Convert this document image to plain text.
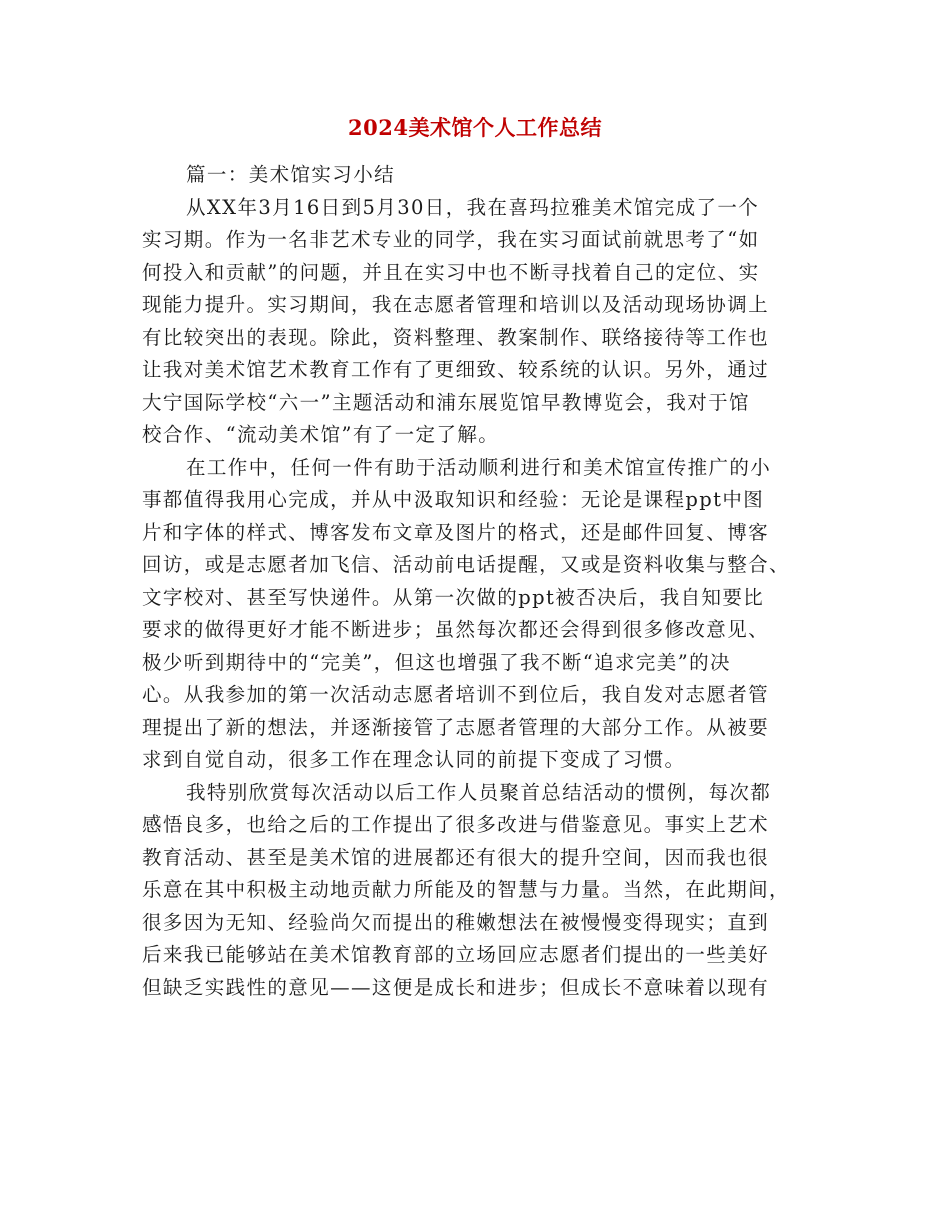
2024美术馆个人工作总结

篇一：美术馆实习小结

从XX年3月16日到5月30日，我在喜玛拉雅美术馆完成了一个
实习期。作为一名非艺术专业的同学，我在实习面试前就思考了“如
何投入和贡献”的问题，并且在实习中也不断寻找着自己的定位、实
现能力提升。实习期间，我在志愿者管理和培训以及活动现场协调上
有比较突出的表现。除此，资料整理、教案制作、联络接待等工作也
让我对美术馆艺术教育工作有了更细致、较系统的认识。另外，通过
大宁国际学校“六一”主题活动和浦东展览馆早教博览会，我对于馆
校合作、“流动美术馆”有了一定了解。

在工作中，任何一件有助于活动顺利进行和美术馆宣传推广的小
事都值得我用心完成，并从中汲取知识和经验：无论是课程ppt中图
片和字体的样式、博客发布文章及图片的格式，还是邮件回复、博客
回访，或是志愿者加飞信、活动前电话提醒，又或是资料收集与整合、
文字校对、甚至写快递件。从第一次做的ppt被否决后，我自知要比
要求的做得更好才能不断进步；虽然每次都还会得到很多修改意见、
极少听到期待中的“完美”，但这也增强了我不断“追求完美”的决
心。从我参加的第一次活动志愿者培训不到位后，我自发对志愿者管
理提出了新的想法，并逐渐接管了志愿者管理的大部分工作。从被要
求到自觉自动，很多工作在理念认同的前提下变成了习惯。

我特别欣赏每次活动以后工作人员聚首总结活动的惯例，每次都
感悟良多，也给之后的工作提出了很多改进与借鉴意见。事实上艺术
教育活动、甚至是美术馆的进展都还有很大的提升空间，因而我也很
乐意在其中积极主动地贡献力所能及的智慧与力量。当然，在此期间，
很多因为无知、经验尚欠而提出的稚嫩想法在被慢慢变得现实；直到
后来我已能够站在美术馆教育部的立场回应志愿者们提出的一些美好
但缺乏实践性的意见——这便是成长和进步；但成长不意味着以现有
